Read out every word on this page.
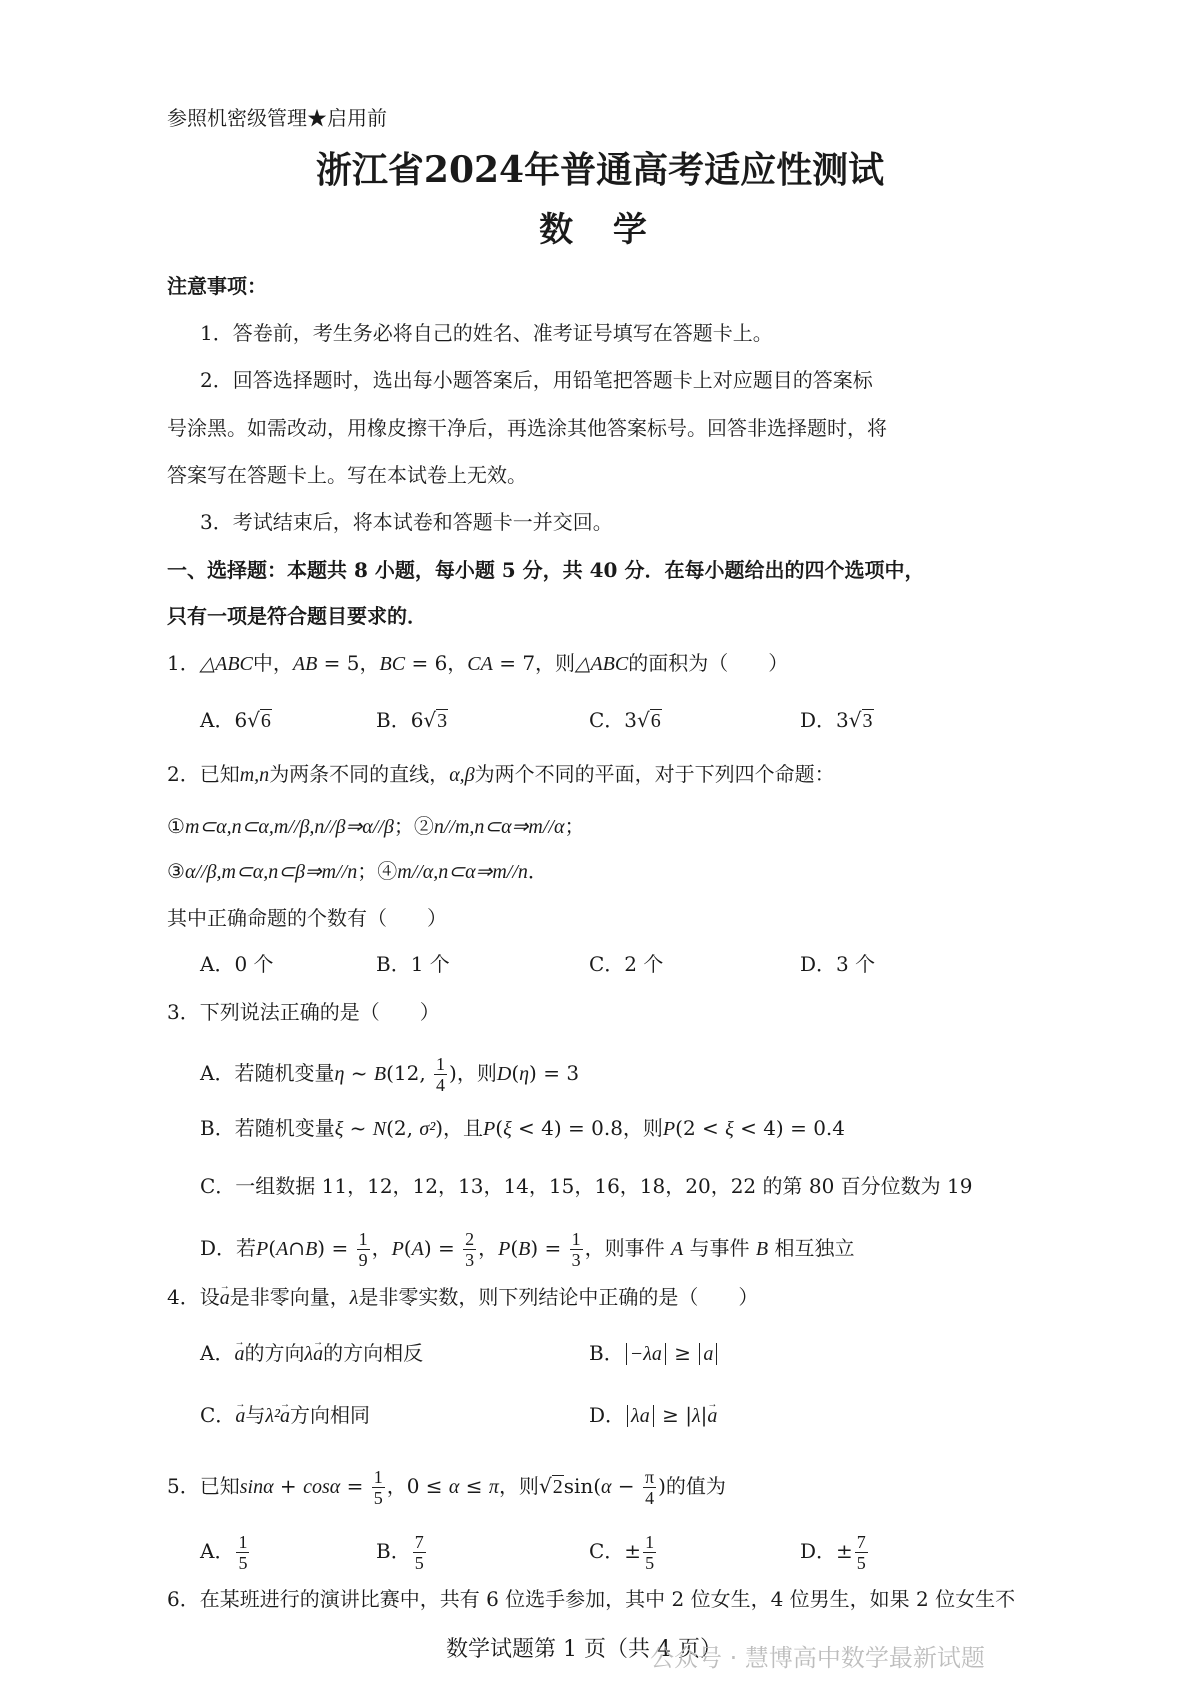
参照机密级管理★启用前
浙江省2024年普通高考适应性测试
数 学
注意事项：
1．答卷前，考生务必将自己的姓名、准考证号填写在答题卡上。
2．回答选择题时，选出每小题答案后，用铅笔把答题卡上对应题目的答案标
号涂黑。如需改动，用橡皮擦干净后，再选涂其他答案标号。回答非选择题时，将
答案写在答题卡上。写在本试卷上无效。
3．考试结束后，将本试卷和答题卡一并交回。
一、选择题：本题共 8 小题，每小题 5 分，共 40 分．在每小题给出的四个选项中，
只有一项是符合题目要求的．
1．△ABC中，AB = 5，BC = 6，CA = 7，则△ABC的面积为（　　）
A．6√6	B．6√3	C．3√6	D．3√3
2．已知m,n为两条不同的直线，α,β为两个不同的平面，对于下列四个命题：
①m⊂α,n⊂α,m//β,n//β⇒α//β；②n//m,n⊂α⇒m//α；
③α//β,m⊂α,n⊂β⇒m//n；④m//α,n⊂α⇒m//n．
其中正确命题的个数有（　　）
A．0 个	B．1 个	C．2 个	D．3 个
3．下列说法正确的是（　　）
A．若随机变量η ~ B(12, $\frac{1}{4}$ )，则D(η) = 3
B．若随机变量ξ ~ N(2, σ²)，且P(ξ < 4) = 0.8，则P(2 < ξ < 4) = 0.4
C．一组数据 11，12，12，13，14，15，16，18，20，22 的第 80 百分位数为 19
D．若P(A∩B) = $\frac{1}{9}$ ，$P(A) = \frac{2}{3}$ ，$P(B) = \frac{1}{3}$ ，则事件 A 与事件 B 相互独立
4．设→ a是非零向量，λ是非零实数，则下列结论中正确的是（　　）
A．→ a的方向λ→ a的方向相反	B． −λa ≥ a
C．→ a与λ²→ a方向相同	D． λa ≥ |λ|→ a
5．已知$\sin\alpha + \cos\alpha = \frac{1}{5}$ ，0 ≤ α ≤ π，则$√2\sin(\alpha - \frac{\pi}{4}$ )的值为
A． $\frac{1}{5}$	B． $\frac{7}{5}$	C．± $\frac{1}{5}$	D．± $\frac{7}{5}$
6．在某班进行的演讲比赛中，共有 6 位选手参加，其中 2 位女生，4 位男生，如果 2 位女生不
数学试题第 1 页（共 4 页）
公众号 · 慧博高中数学最新试题
